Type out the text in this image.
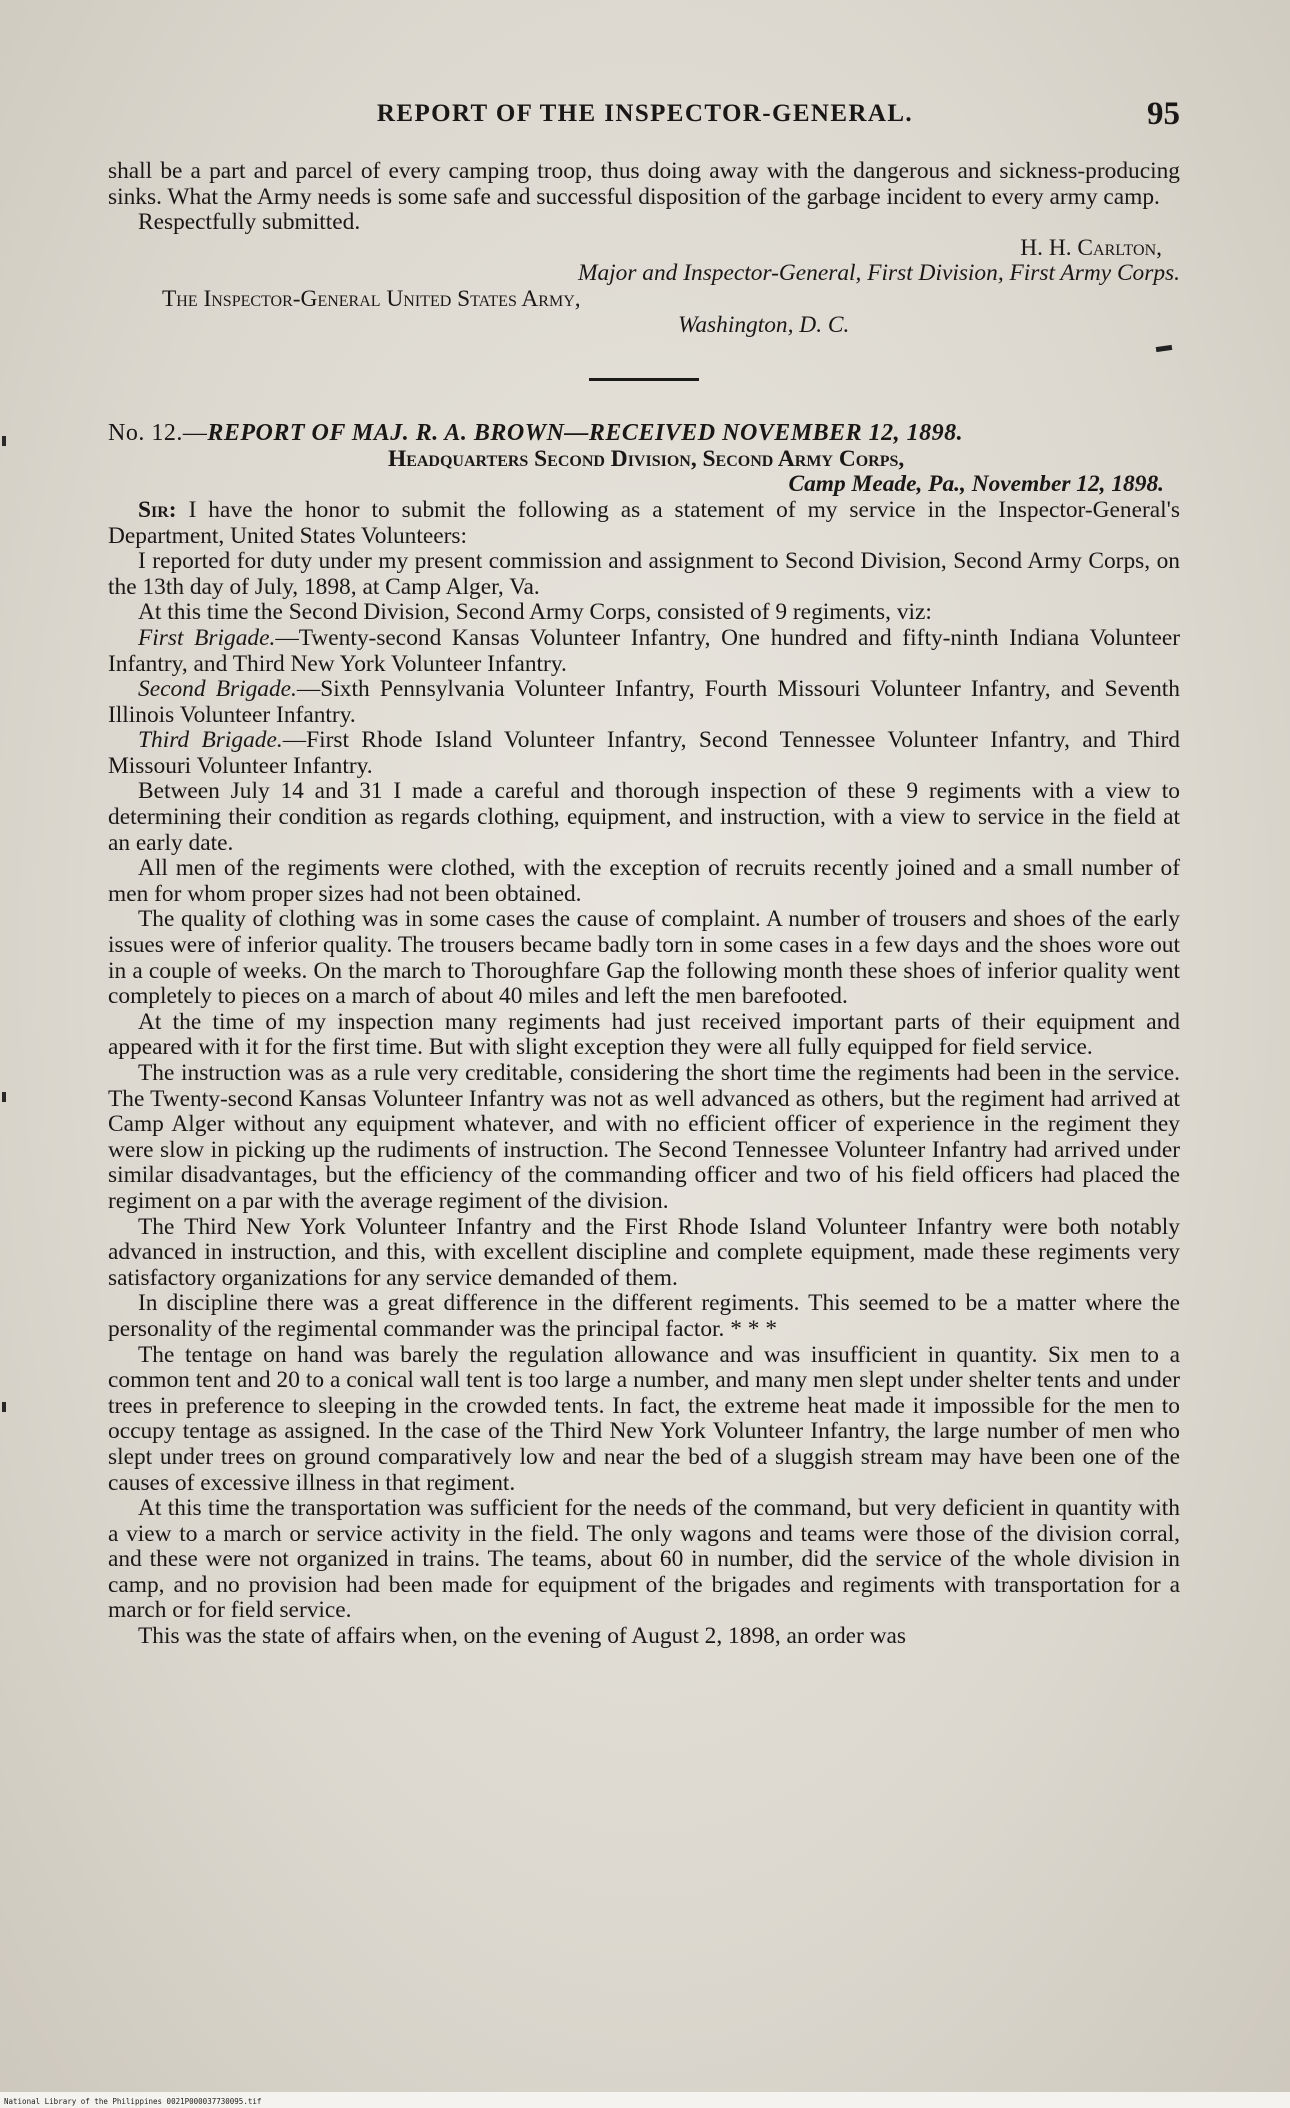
REPORT OF THE INSPECTOR-GENERAL.	95

shall be a part and parcel of every camping troop, thus doing away with the dangerous and sickness-producing sinks. What the Army needs is some safe and successful disposition of the garbage incident to every army camp.

Respectfully submitted.

H. H. Carlton,

Major and Inspector-General, First Division, First Army Corps.

The Inspector-General United States Army,

Washington, D. C.

No. 12.—REPORT OF MAJ. R. A. BROWN—RECEIVED NOVEMBER 12, 1898.

Headquarters Second Division, Second Army Corps,

Camp Meade, Pa., November 12, 1898.

Sir: I have the honor to submit the following as a statement of my service in the Inspector-General's Department, United States Volunteers:

I reported for duty under my present commission and assignment to Second Division, Second Army Corps, on the 13th day of July, 1898, at Camp Alger, Va.

At this time the Second Division, Second Army Corps, consisted of 9 regiments, viz:

First Brigade.—Twenty-second Kansas Volunteer Infantry, One hundred and fifty-ninth Indiana Volunteer Infantry, and Third New York Volunteer Infantry.

Second Brigade.—Sixth Pennsylvania Volunteer Infantry, Fourth Missouri Volunteer Infantry, and Seventh Illinois Volunteer Infantry.

Third Brigade.—First Rhode Island Volunteer Infantry, Second Tennessee Volunteer Infantry, and Third Missouri Volunteer Infantry.

Between July 14 and 31 I made a careful and thorough inspection of these 9 regiments with a view to determining their condition as regards clothing, equipment, and instruction, with a view to service in the field at an early date.

All men of the regiments were clothed, with the exception of recruits recently joined and a small number of men for whom proper sizes had not been obtained.

The quality of clothing was in some cases the cause of complaint. A number of trousers and shoes of the early issues were of inferior quality. The trousers became badly torn in some cases in a few days and the shoes wore out in a couple of weeks. On the march to Thoroughfare Gap the following month these shoes of inferior quality went completely to pieces on a march of about 40 miles and left the men barefooted.

At the time of my inspection many regiments had just received important parts of their equipment and appeared with it for the first time. But with slight exception they were all fully equipped for field service.

The instruction was as a rule very creditable, considering the short time the regiments had been in the service. The Twenty-second Kansas Volunteer Infantry was not as well advanced as others, but the regiment had arrived at Camp Alger without any equipment whatever, and with no efficient officer of experience in the regiment they were slow in picking up the rudiments of instruction. The Second Tennessee Volunteer Infantry had arrived under similar disadvantages, but the efficiency of the commanding officer and two of his field officers had placed the regiment on a par with the average regiment of the division.

The Third New York Volunteer Infantry and the First Rhode Island Volunteer Infantry were both notably advanced in instruction, and this, with excellent discipline and complete equipment, made these regiments very satisfactory organizations for any service demanded of them.

In discipline there was a great difference in the different regiments. This seemed to be a matter where the personality of the regimental commander was the principal factor. * * *

The tentage on hand was barely the regulation allowance and was insufficient in quantity. Six men to a common tent and 20 to a conical wall tent is too large a number, and many men slept under shelter tents and under trees in preference to sleeping in the crowded tents. In fact, the extreme heat made it impossible for the men to occupy tentage as assigned. In the case of the Third New York Volunteer Infantry, the large number of men who slept under trees on ground comparatively low and near the bed of a sluggish stream may have been one of the causes of excessive illness in that regiment.

At this time the transportation was sufficient for the needs of the command, but very deficient in quantity with a view to a march or service activity in the field. The only wagons and teams were those of the division corral, and these were not organized in trains. The teams, about 60 in number, did the service of the whole division in camp, and no provision had been made for equipment of the brigades and regiments with transportation for a march or for field service.

This was the state of affairs when, on the evening of August 2, 1898, an order was

National Library of the Philippines 0021P000037730095.tif
